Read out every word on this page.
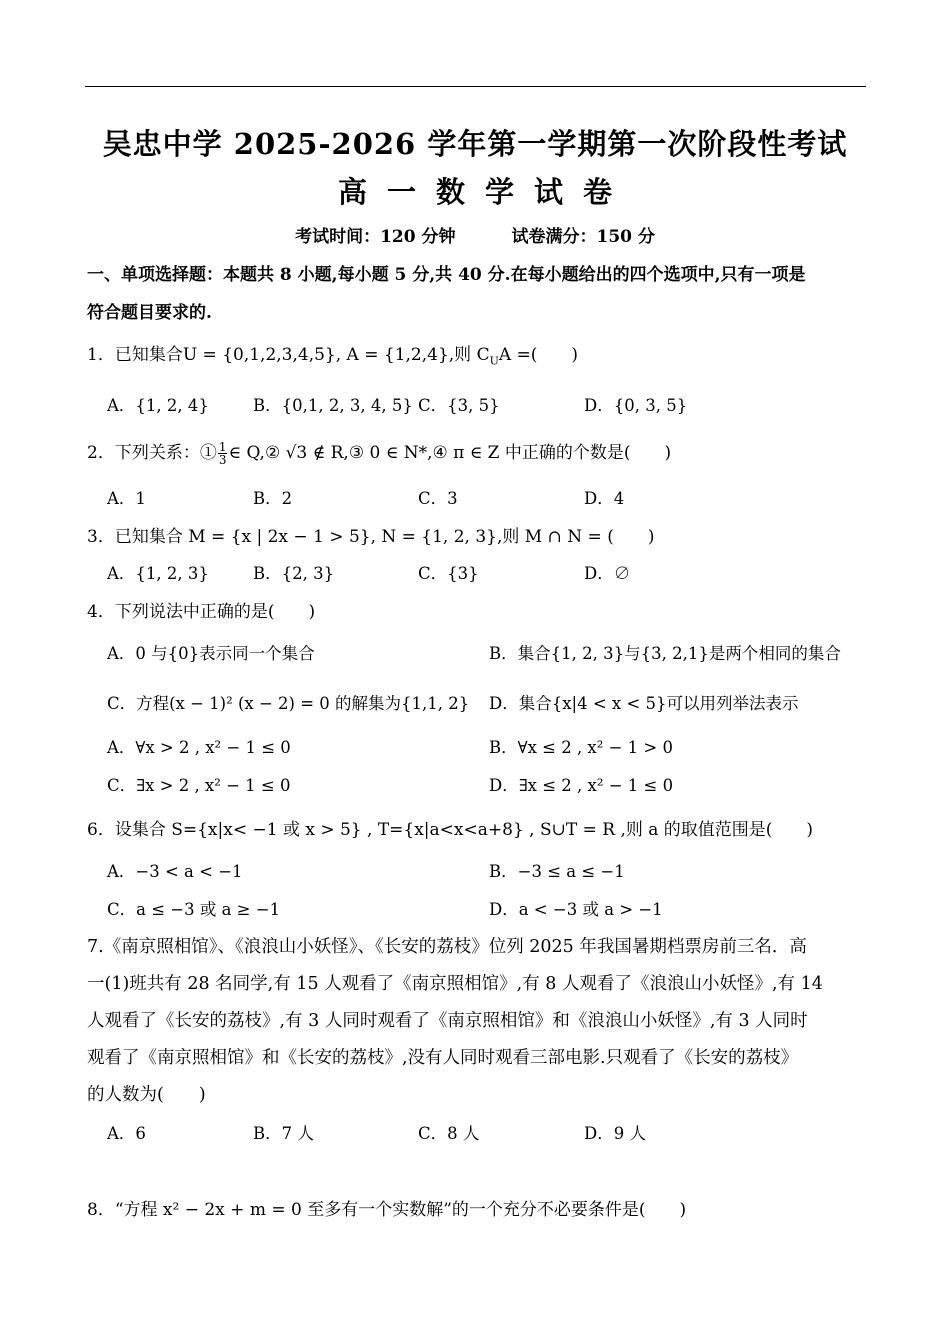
吴忠中学 2025-2026 学年第一学期第一次阶段性考试
高一数学试卷
考试时间：120 分钟	试卷满分：150 分
一、单项选择题：本题共 8 小题,每小题 5 分,共 40 分.在每小题给出的四个选项中,只有一项是
符合题目要求的.
1．已知集合U = {0,1,2,3,4,5}, A = {1,2,4},则 $C_UA$ =(　　)
A．{1, 2, 4}	B．{0,1, 2, 3, 4, 5} C．{3, 5}	D．{0, 3, 5}
2．下列关系：① $\frac{1}{3}$ ∈ Q,② √3 ∉ R,③ 0 ∈ N*,④ π ∈ Z 中正确的个数是(　　)
A．1	B．2	C．3	D．4
3．已知集合 M = {x | 2x − 1 > 5}, N = {1, 2, 3},则 M ∩ N = (　　)
A．{1, 2, 3}	B．{2, 3}	C．{3}	D．∅
4．下列说法中正确的是(　　)
A．0 与{0}表示同一个集合	B．集合{1, 2, 3}与{3, 2,1}是两个相同的集合
C．方程(x − 1)² (x − 2) = 0 的解集为{1,1, 2} D．集合{x|4 < x < 5}可以用列举法表示
A．∀x > 2 , x² − 1 ≤ 0	B．∀x ≤ 2 , x² − 1 > 0
C．∃x > 2 , x² − 1 ≤ 0	D．∃x ≤ 2 , x² − 1 ≤ 0
6．设集合 S={x|x< −1 或 x > 5} , T={x|a<x<a+8} , S∪T = R ,则 a 的取值范围是(　　)
A．−3 < a < −1	B．−3 ≤ a ≤ −1
C．a ≤ −3 或 a ≥ −1	D．a < −3 或 a > −1
7.《南京照相馆》、《浪浪山小妖怪》、《长安的荔枝》位列 2025 年我国暑期档票房前三名．高
一(1)班共有 28 名同学,有 15 人观看了《南京照相馆》,有 8 人观看了《浪浪山小妖怪》,有 14
人观看了《长安的荔枝》,有 3 人同时观看了《南京照相馆》和《浪浪山小妖怪》,有 3 人同时
观看了《南京照相馆》和《长安的荔枝》,没有人同时观看三部电影.只观看了《长安的荔枝》
的人数为(　　)
A．6	B．7 人	C．8 人	D．9 人
8．“方程 x² − 2x + m = 0 至多有一个实数解”的一个充分不必要条件是(　　)
